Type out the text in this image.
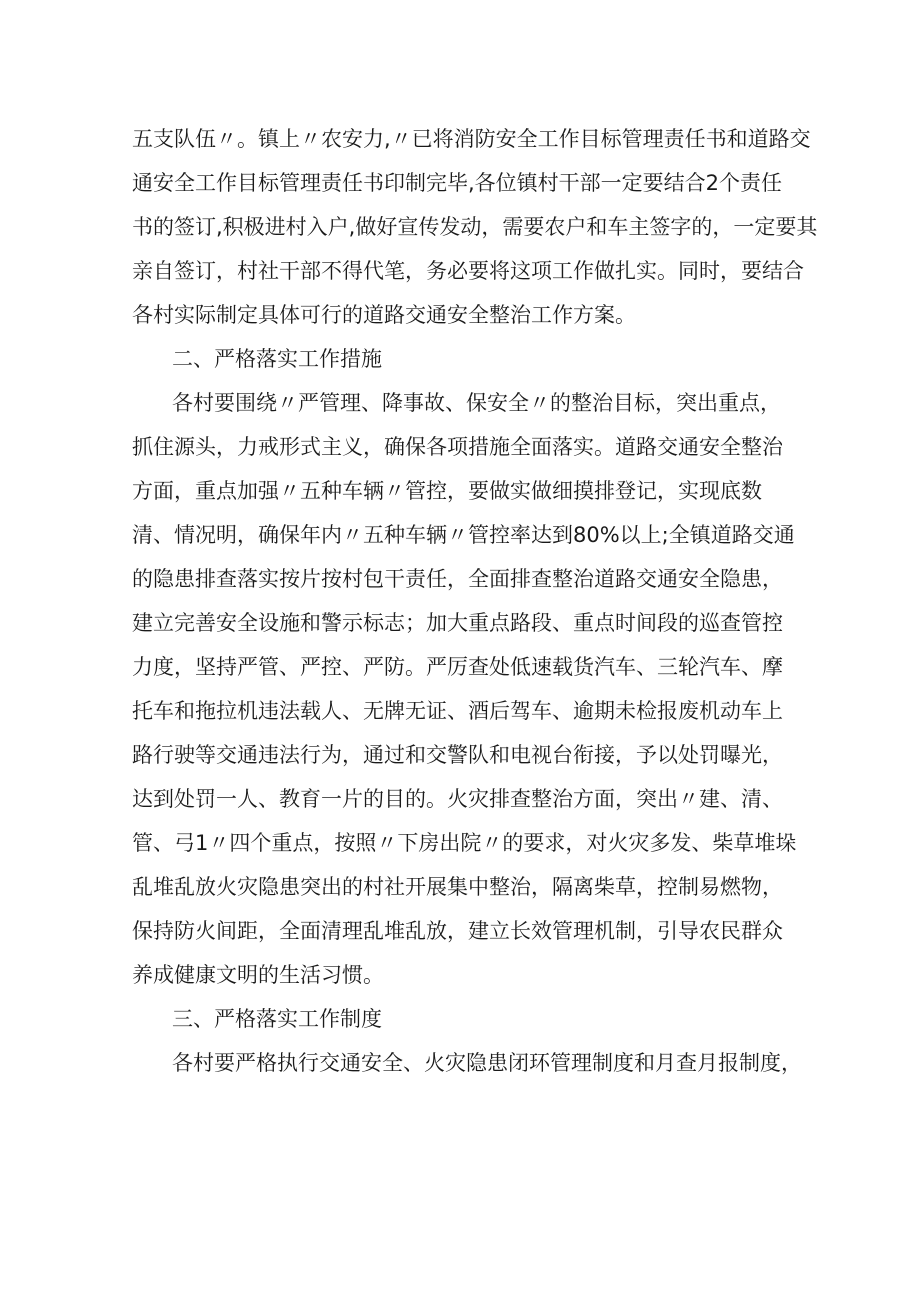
五支队伍〃。镇上〃农安力,〃已将消防安全工作目标管理责任书和道路交
通安全工作目标管理责任书印制完毕,各位镇村干部一定要结合2个责任
书的签订,积极进村入户,做好宣传发动，需要农户和车主签字的，一定要其
亲自签订，村社干部不得代笔，务必要将这项工作做扎实。同时，要结合
各村实际制定具体可行的道路交通安全整治工作方案。
二、严格落实工作措施
各村要围绕〃严管理、降事故、保安全〃的整治目标，突出重点，
抓住源头，力戒形式主义，确保各项措施全面落实。道路交通安全整治
方面，重点加强〃五种车辆〃管控，要做实做细摸排登记，实现底数
清、情况明，确保年内〃五种车辆〃管控率达到80%以上;全镇道路交通
的隐患排查落实按片按村包干责任，全面排查整治道路交通安全隐患，
建立完善安全设施和警示标志；加大重点路段、重点时间段的巡查管控
力度，坚持严管、严控、严防。严厉查处低速载货汽车、三轮汽车、摩
托车和拖拉机违法载人、无牌无证、酒后驾车、逾期未检报废机动车上
路行驶等交通违法行为，通过和交警队和电视台衔接，予以处罚曝光，
达到处罚一人、教育一片的目的。火灾排查整治方面，突出〃建、清、
管、弓1〃四个重点，按照〃下房出院〃的要求，对火灾多发、柴草堆垛
乱堆乱放火灾隐患突出的村社开展集中整治，隔离柴草，控制易燃物，
保持防火间距，全面清理乱堆乱放，建立长效管理机制，引导农民群众
养成健康文明的生活习惯。
三、严格落实工作制度
各村要严格执行交通安全、火灾隐患闭环管理制度和月查月报制度，
